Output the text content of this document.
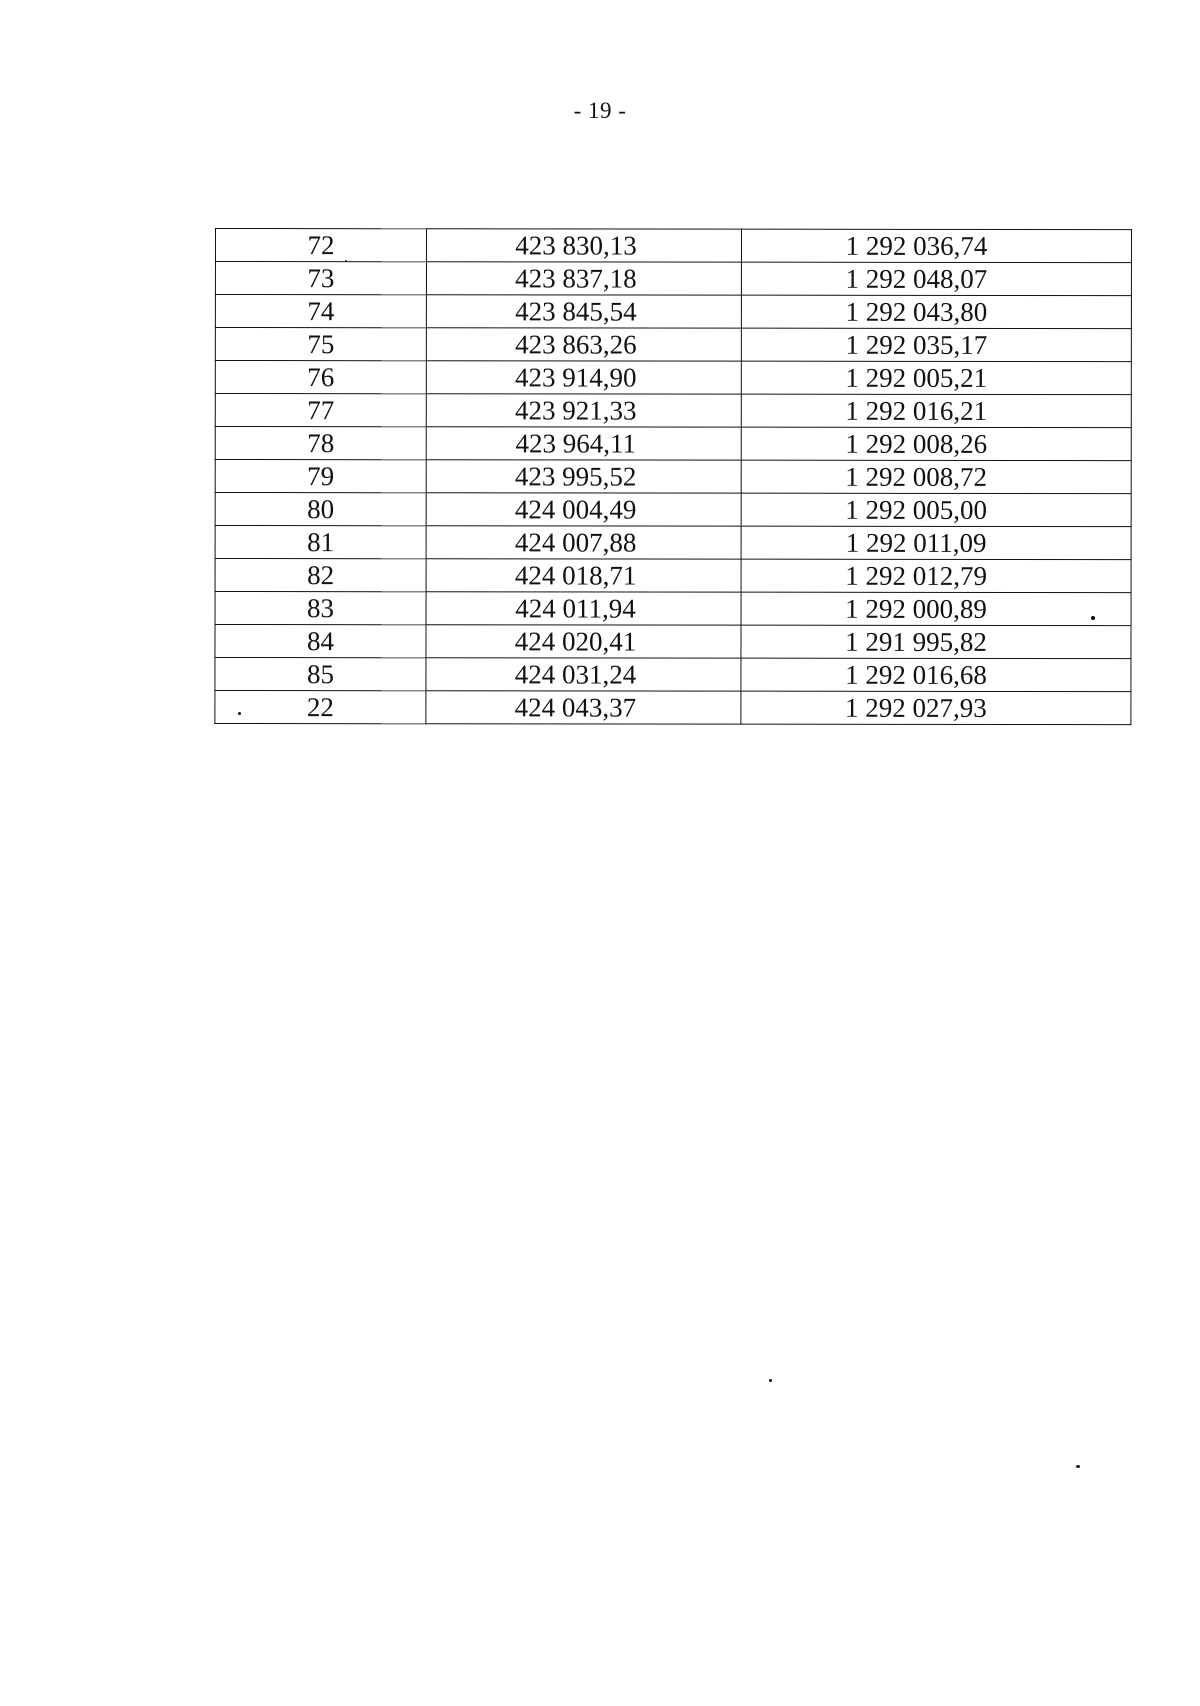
- 19 -
72	423 830,13	1 292 036,74
73	423 837,18	1 292 048,07
74	423 845,54	1 292 043,80
75	423 863,26	1 292 035,17
76	423 914,90	1 292 005,21
77	423 921,33	1 292 016,21
78	423 964,11	1 292 008,26
79	423 995,52	1 292 008,72
80	424 004,49	1 292 005,00
81	424 007,88	1 292 011,09
82	424 018,71	1 292 012,79
83	424 011,94	1 292 000,89
84	424 020,41	1 291 995,82
85	424 031,24	1 292 016,68
22	424 043,37	1 292 027,93
